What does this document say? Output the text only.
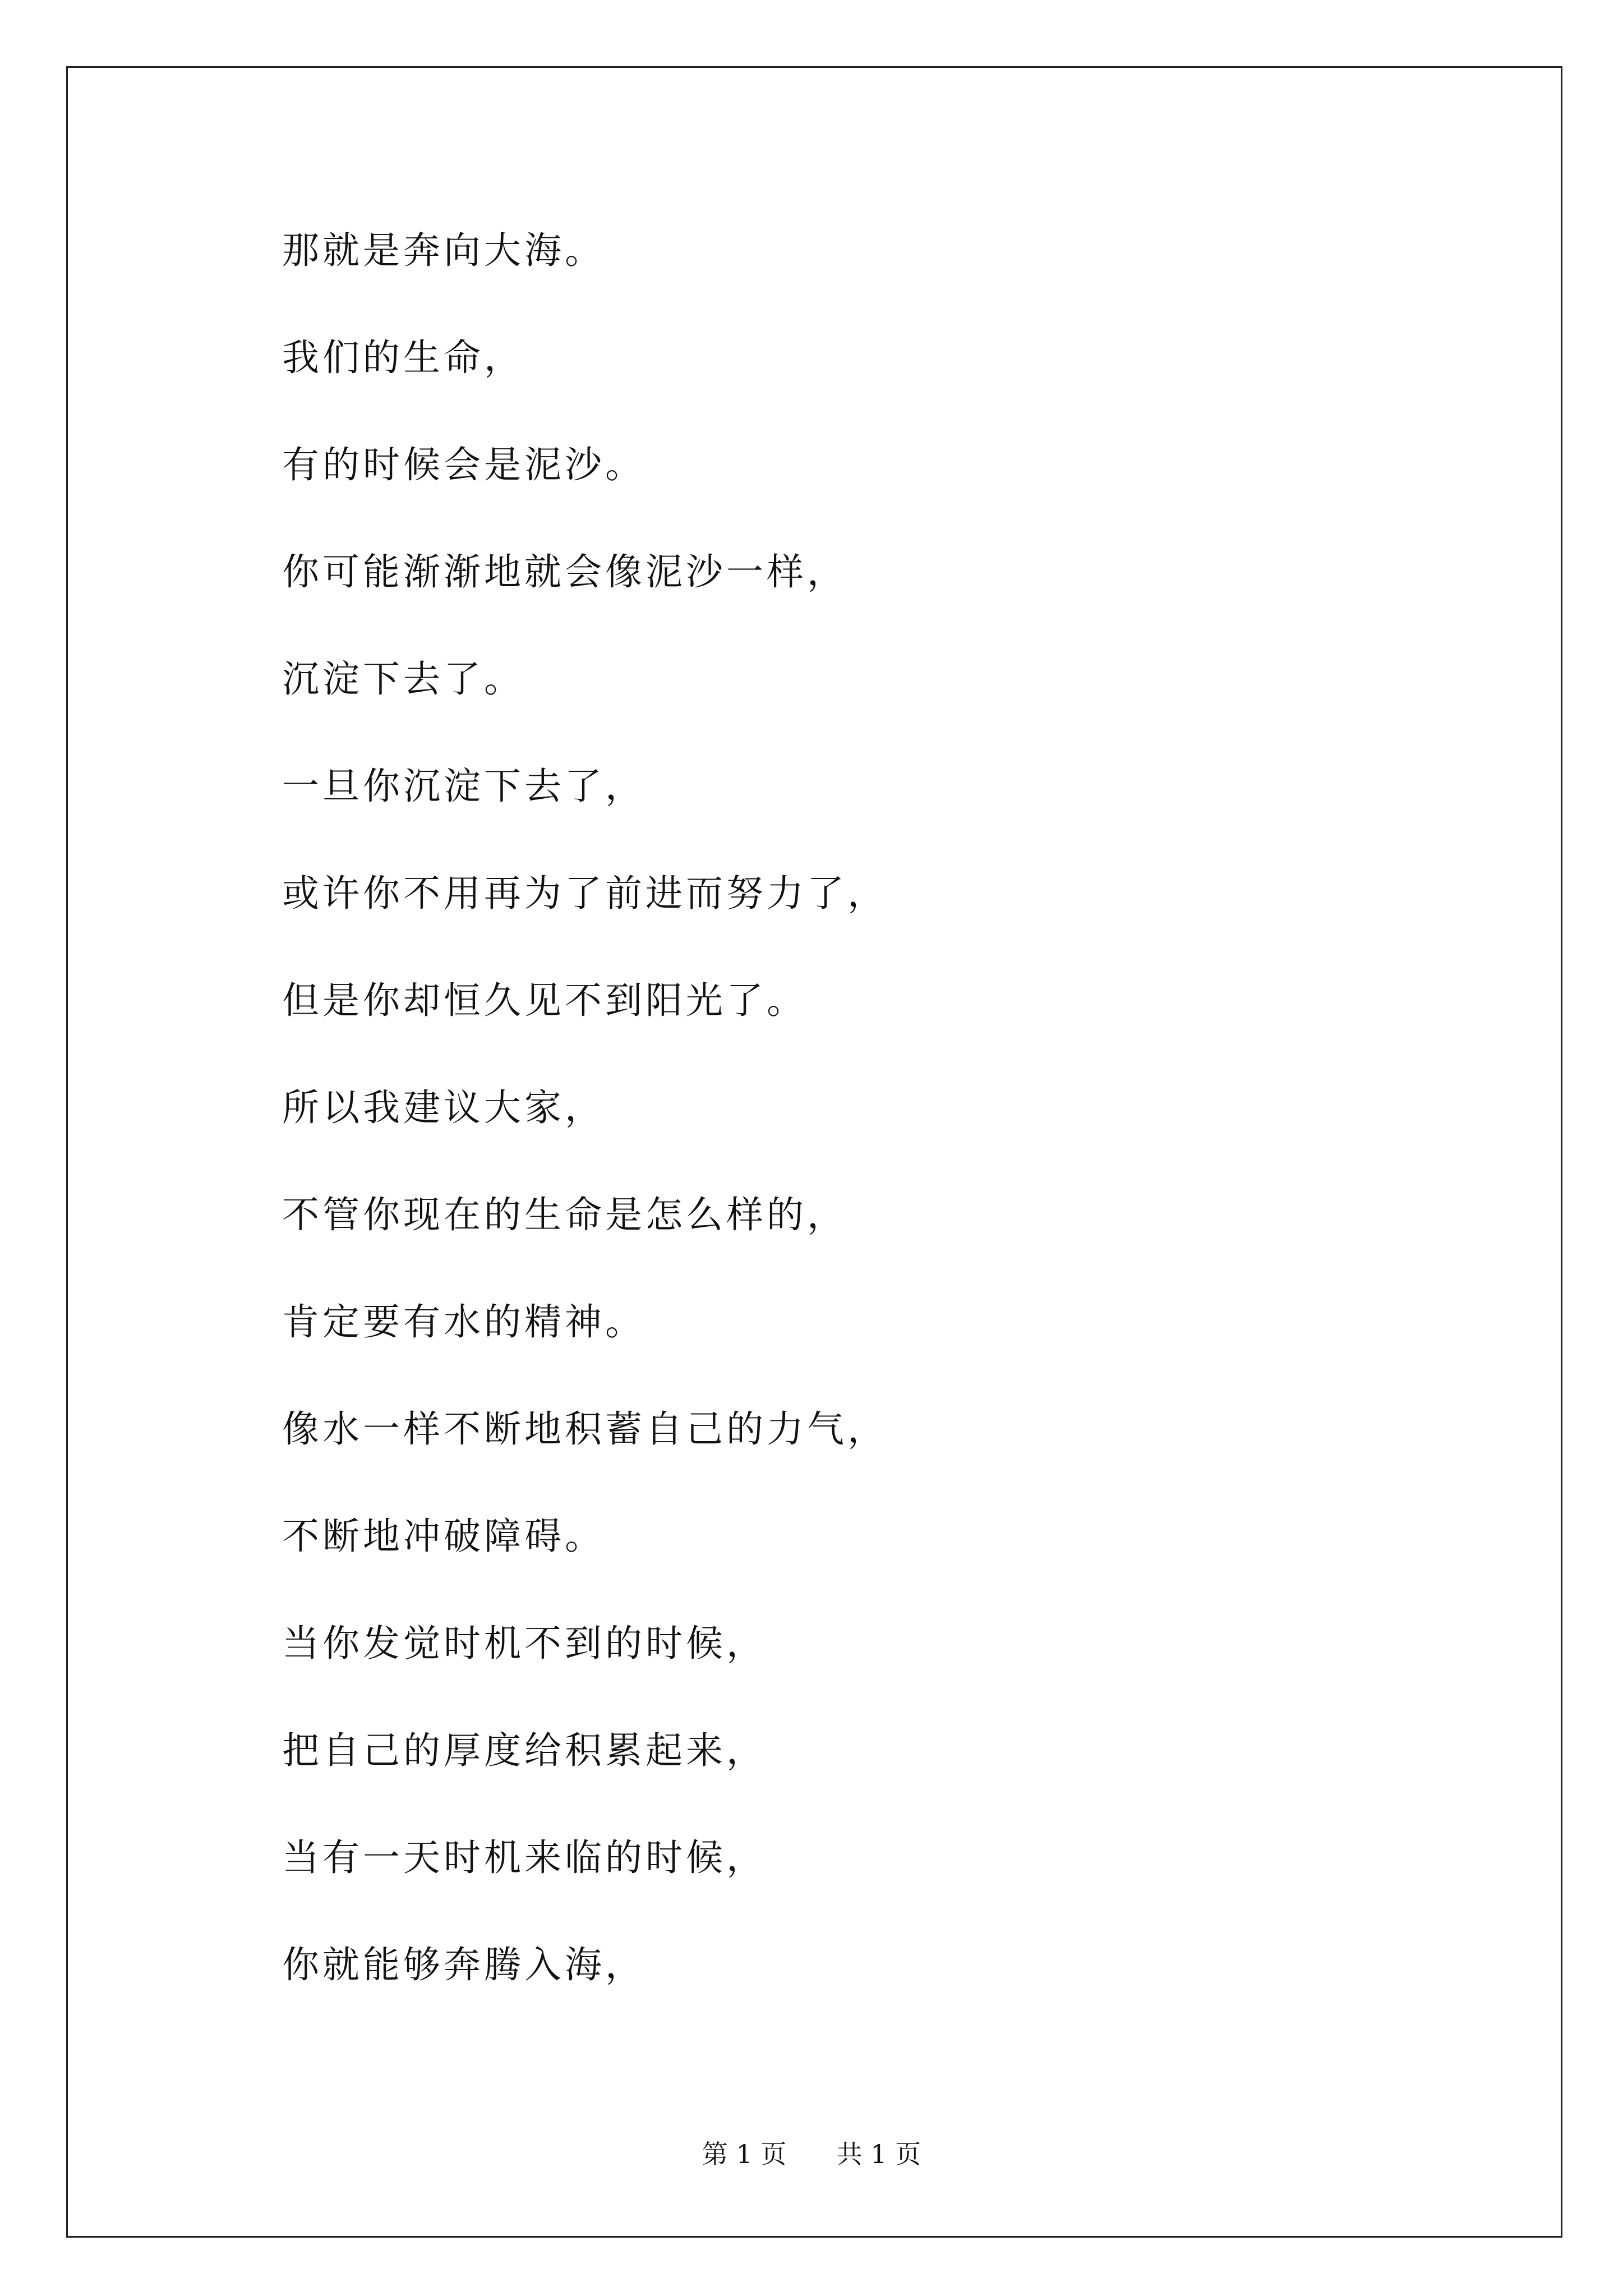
那就是奔向大海。

我们的生命，

有的时候会是泥沙。

你可能渐渐地就会像泥沙一样，

沉淀下去了。

一旦你沉淀下去了，

或许你不用再为了前进而努力了，

但是你却恒久见不到阳光了。

所以我建议大家，

不管你现在的生命是怎么样的，

肯定要有水的精神。

像水一样不断地积蓄自己的力气，

不断地冲破障碍。

当你发觉时机不到的时候，

把自己的厚度给积累起来，

当有一天时机来临的时候，

你就能够奔腾入海，

第 1 页 共 1 页
